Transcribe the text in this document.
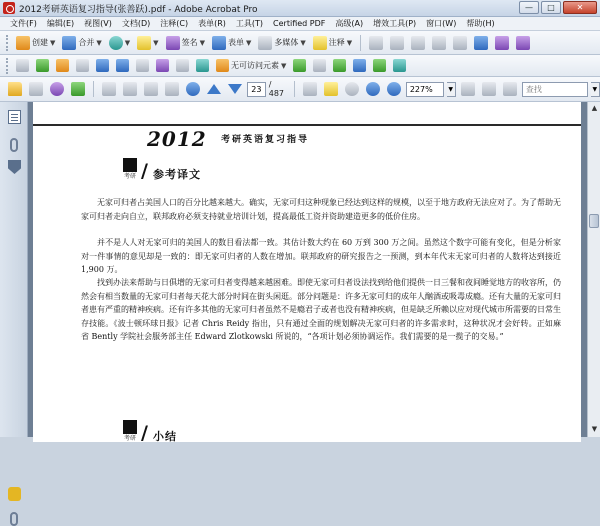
2012考研英语复习指导(张善跃).pdf - Adobe Acrobat Pro	—	□	✕
文件(F)	编辑(E)	视图(V)	文档(D)	注释(C)	表单(R)	工具(T)	Certified PDF	高级(A)	增效工具(P)	窗口(W)	帮助(H)
创建 ▼	合并 ▼	▼	▼	签名 ▼	表单 ▼	多媒体 ▼	注释 ▼
无可访问元素 ▼
23 / 487	227%	▼	查找	▼
2012 考研英语复习指导
考研 / 参考译文
无家可归者占美国人口的百分比越来越大。确实，无家可归这种现象已经达到这样的规模，以至于地方政府无法应对了。为了帮助无家可归者走向自立，联邦政府必须支持就业培训计划，提高最低工资并资助建造更多的低价住房。
并不是人人对无家可归的美国人的数目看法都一致。其估计数大约在 60 万到 300 万之间。虽然这个数字可能有变化，但是分析家对一件事情的意见却是一致的：即无家可归者的人数在增加。联邦政府的研究报告之一预测，到本年代末无家可归者的人数将达到接近 1,900 万。
找到办法来帮助与日俱增的无家可归者变得越来越困难。即使无家可归者设法找到给他们提供一日三餐和夜间睡觉地方的收容所，仍然会有相当数量的无家可归者每天花大部分时间在街头闲逛。部分问题是：许多无家可归的成年人酗酒或吸毒成瘾。还有大量的无家可归者患有严重的精神疾病。还有许多其他的无家可归者虽然不是瘾君子或者也没有精神疾病，但是缺乏所赖以应对现代城市所需要的日常生存技能。《波士顿环球日报》记者 Chris Reidy 指出，只有通过全面的规划解决无家可归者的许多需求时，这种状况才会好转。正如麻省 Bently 学院社会服务部主任 Edward Zlotkowski 所说的，“各项计划必须协调运作。我们需要的是一揽子的交易。”
考研 / 小结
▲
▼
